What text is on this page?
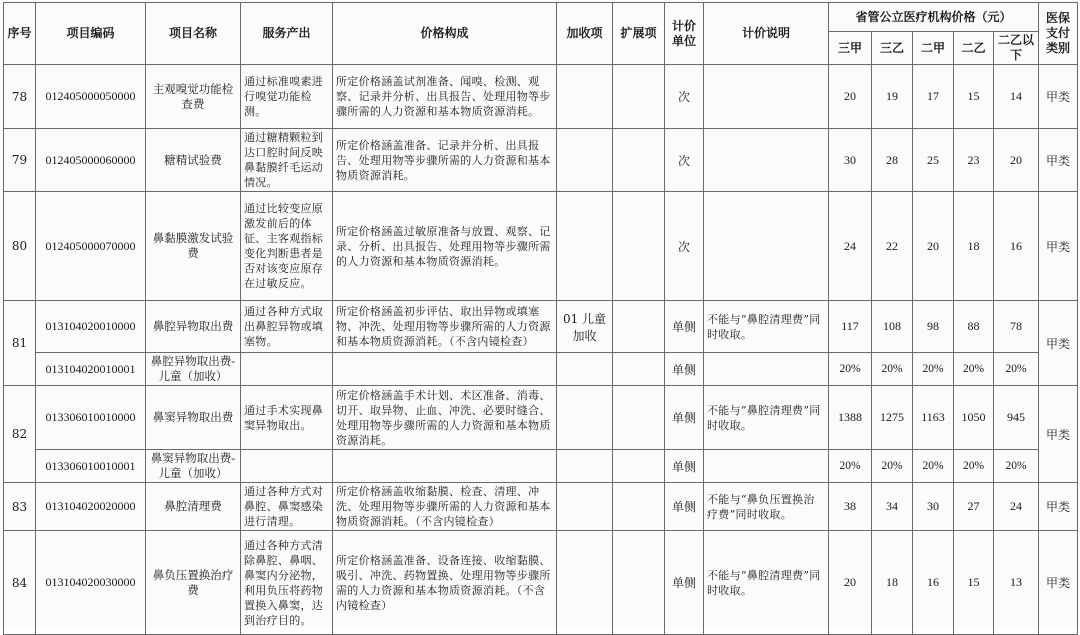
序号	项目编码	项目名称	服务产出	价格构成	加收项	扩展项	计价单位	计价说明	省管公立医疗机构价格（元）					医保支付类别
									三甲	三乙	二甲	二乙	二乙以下	
78	012405000050000	主观嗅觉功能检查费	通过标准嗅素进行嗅觉功能检测。	所定价格涵盖试剂准备、闻嗅、检测、观察、记录并分析、出具报告、处理用物等步骤所需的人力资源和基本物质资源消耗。			次		20	19	17	15	14	甲类
79	012405000060000	糖精试验费	通过糖精颗粒到达口腔时间反映鼻黏膜纤毛运动情况。	所定价格涵盖准备、记录并分析、出具报告、处理用物等步骤所需的人力资源和基本物质资源消耗。			次		30	28	25	23	20	甲类
80	012405000070000	鼻黏膜激发试验费	通过比较变应原激发前后的体征、主客观指标变化判断患者是否对该变应原存在过敏反应。	所定价格涵盖过敏原准备与放置、观察、记录、分析、出具报告、处理用物等步骤所需的人力资源和基本物质资源消耗。			次		24	22	20	18	16	甲类
81	013104020010000	鼻腔异物取出费	通过各种方式取出鼻腔异物或填塞物。	所定价格涵盖初步评估、取出异物或填塞物、冲洗、处理用物等步骤所需的人力资源和基本物质资源消耗。（不含内镜检查）	01 儿童加收		单侧	不能与“鼻腔清理费”同时收取。	117	108	98	88	78	甲类
	013104020010001	鼻腔异物取出费-儿童（加收）					单侧		20%	20%	20%	20%	20%	
82	013306010010000	鼻窦异物取出费	通过手术实现鼻窦异物取出。	所定价格涵盖手术计划、术区准备、消毒、切开、取异物、止血、冲洗、必要时缝合、处理用物等步骤所需的人力资源和基本物质资源消耗。			单侧	不能与“鼻腔清理费”同时收取。	1388	1275	1163	1050	945	甲类
	013306010010001	鼻窦异物取出费-儿童（加收）					单侧		20%	20%	20%	20%	20%	
83	013104020020000	鼻腔清理费	通过各种方式对鼻腔、鼻窦感染进行清理。	所定价格涵盖收缩黏膜、检查、清理、冲洗、处理用物等步骤所需的人力资源和基本物质资源消耗。（不含内镜检查）			单侧	不能与“鼻负压置换治疗费”同时收取。	38	34	30	27	24	甲类
84	013104020030000	鼻负压置换治疗费	通过各种方式清除鼻腔、鼻咽、鼻窦内分泌物，利用负压将药物置换入鼻窦，达到治疗目的。	所定价格涵盖准备、设备连接、收缩黏膜、吸引、冲洗、药物置换、处理用物等步骤所需的人力资源和基本物质资源消耗。（不含内镜检查）			单侧	不能与“鼻腔清理费”同时收取。	20	18	16	15	13	甲类
